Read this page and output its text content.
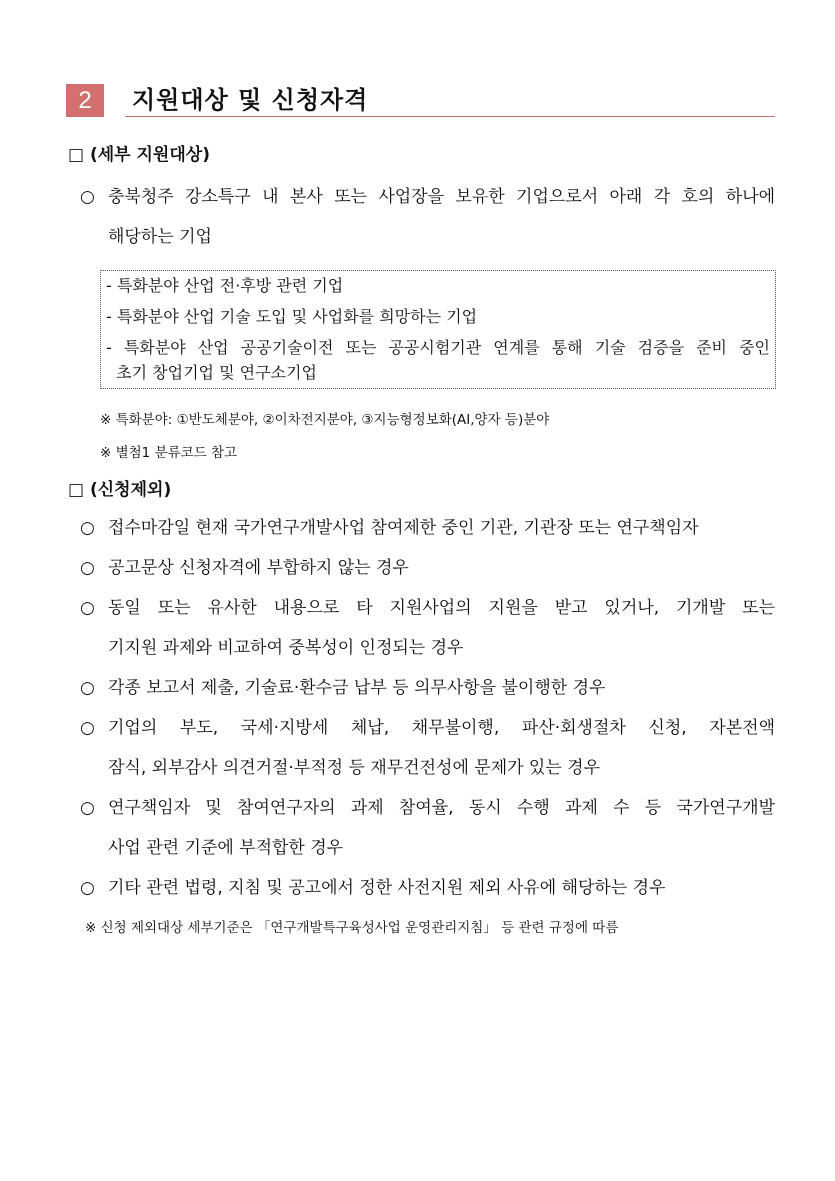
2	지원대상 및 신청자격
□ (세부 지원대상)
○ 충북청주 강소특구 내 본사 또는 사업장을 보유한 기업으로서 아래 각 호의 하나에
해당하는 기업
- 특화분야 산업 전·후방 관련 기업
- 특화분야 산업 기술 도입 및 사업화를 희망하는 기업
- 특화분야 산업 공공기술이전 또는 공공시험기관 연계를 통해 기술 검증을 준비 중인
초기 창업기업 및 연구소기업
※ 특화분야: ①반도체분야, ②이차전지분야, ③지능형정보화(AI,양자 등)분야
※ 별첨1 분류코드 참고
□ (신청제외)
○ 접수마감일 현재 국가연구개발사업 참여제한 중인 기관, 기관장 또는 연구책임자
○ 공고문상 신청자격에 부합하지 않는 경우
○ 동일 또는 유사한 내용으로 타 지원사업의 지원을 받고 있거나, 기개발 또는
기지원 과제와 비교하여 중복성이 인정되는 경우
○ 각종 보고서 제출, 기술료·환수금 납부 등 의무사항을 불이행한 경우
○ 기업의 부도, 국세·지방세 체납, 채무불이행, 파산·회생절차 신청, 자본전액
잠식, 외부감사 의견거절·부적정 등 재무건전성에 문제가 있는 경우
○ 연구책임자 및 참여연구자의 과제 참여율, 동시 수행 과제 수 등 국가연구개발
사업 관련 기준에 부적합한 경우
○ 기타 관련 법령, 지침 및 공고에서 정한 사전지원 제외 사유에 해당하는 경우
※ 신청 제외대상 세부기준은 「연구개발특구육성사업 운영관리지침」 등 관련 규정에 따름
